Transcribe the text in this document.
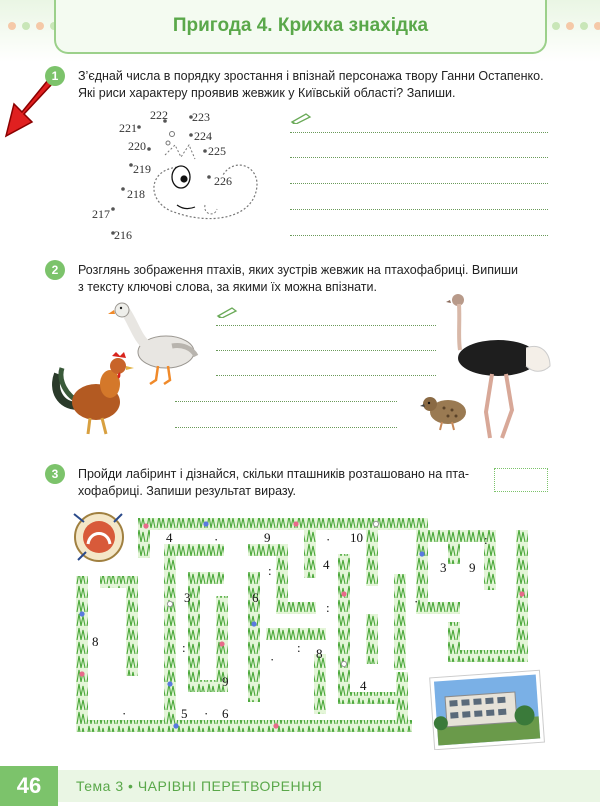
Пригода 4. Крихка знахідка
1	З’єднай числа в порядку зростання і впізнай персонажа твору Ганни Остапенко.
Які риси характеру проявив жевжик у Київській області? Запиши.
216
217
218
219
220
221
222 223
224
225
226
2	Розглянь зображення птахів, яких зустрів жевжик на птахофабриці. Випиши
з тексту ключові слова, за якими їх можна впізнати.
3	Пройди лабіринт і дізнайся, скільки пташників розташовано на пта-
хофабриці. Запиши результат виразу.
4	·	9	· 10	:
4
:	3 9
3	6
:	·
:
8	:
·	8
9	4
·	5 · 6
46	Тема 3 • ЧАРІВНІ ПЕРЕТВОРЕННЯ
